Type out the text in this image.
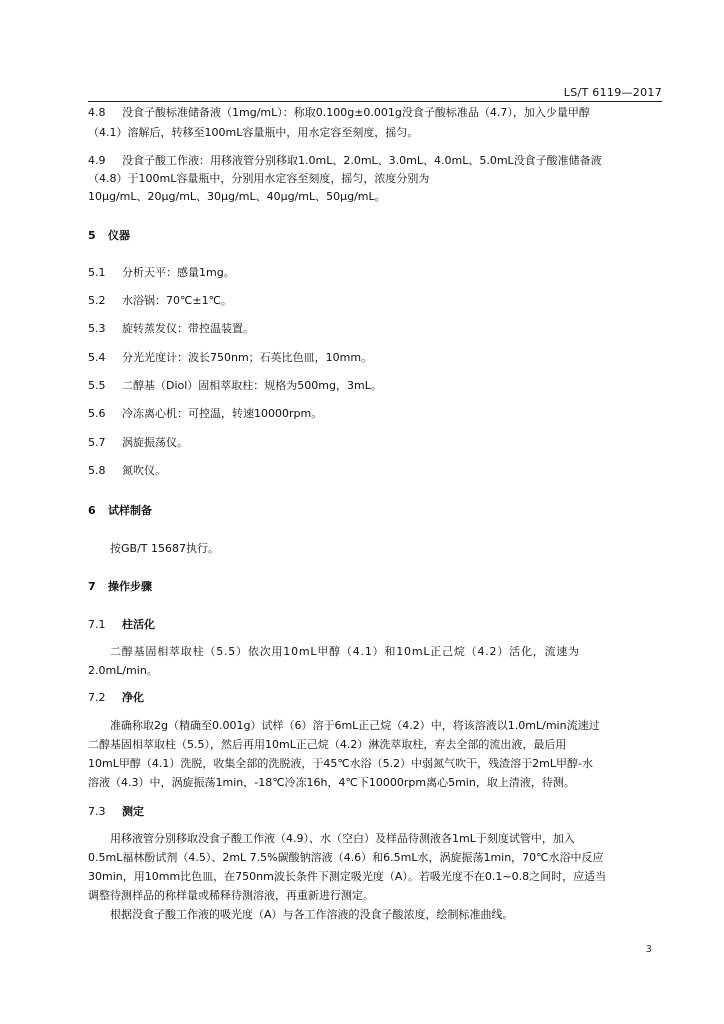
LS/T 6119—2017
4.8 没食子酸标准储备液（1mg/mL）：称取0.100g±0.001g没食子酸标准品（4.7），加入少量甲醇
（4.1）溶解后，转移至100mL容量瓶中，用水定容至刻度，摇匀。
4.9 没食子酸工作液：用移液管分别移取1.0mL、2.0mL、3.0mL、4.0mL、5.0mL没食子酸准储备液
（4.8）于100mL容量瓶中，分别用水定容至刻度，摇匀，浓度分别为
10μg/mL、20μg/mL、30μg/mL、40μg/mL、50μg/mL。
5 仪器
5.1 分析天平：感量1mg。
5.2 水浴锅：70℃±1℃。
5.3 旋转蒸发仪：带控温装置。
5.4 分光光度计：波长750nm；石英比色皿，10mm。
5.5 二醇基（Diol）固相萃取柱：规格为500mg，3mL。
5.6 冷冻离心机：可控温，转速10000rpm。
5.7 涡旋振荡仪。
5.8 氮吹仪。
6 试样制备
按GB/T 15687执行。
7 操作步骤
7.1 柱活化
二醇基固相萃取柱（5.5）依次用10mL甲醇（4.1）和10mL正己烷（4.2）活化，流速为
2.0mL/min。
7.2 净化
准确称取2g（精确至0.001g）试样（6）溶于6mL正己烷（4.2）中，将该溶液以1.0mL/min流速过
二醇基固相萃取柱（5.5），然后再用10mL正己烷（4.2）淋洗萃取柱，弃去全部的流出液，最后用
10mL甲醇（4.1）洗脱，收集全部的洗脱液，于45℃水浴（5.2）中弱氮气吹干，残渣溶于2mL甲醇-水
溶液（4.3）中，涡旋振荡1min，-18℃冷冻16h，4℃下10000rpm离心5min，取上清液，待测。
7.3 测定
用移液管分别移取没食子酸工作液（4.9）、水（空白）及样品待测液各1mL于刻度试管中，加入
0.5mL福林酚试剂（4.5）、2mL 7.5%碳酸钠溶液（4.6）和6.5mL水，涡旋振荡1min，70℃水浴中反应
30min，用10mm比色皿，在750nm波长条件下测定吸光度（A）。若吸光度不在0.1~0.8之间时，应适当
调整待测样品的称样量或稀释待测溶液，再重新进行测定。
根据没食子酸工作液的吸光度（A）与各工作溶液的没食子酸浓度，绘制标准曲线。
3
